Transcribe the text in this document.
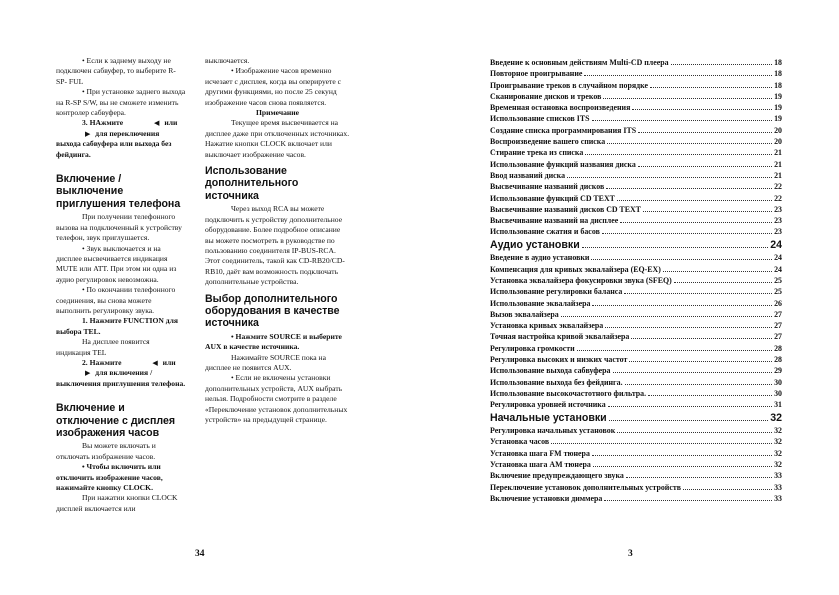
• Если к заднему выходу не подключен сабвуфер, то выберите R-SP- FUL

• При установке заднего выхода на R-SP S/W, вы не сможете изменить контролер сабвуфера.

3. НАжмите	◀ или ▶ для переключения выхода сабвуфера или выхода без фейдинга.

Включение / выключение приглушения телефона

При получении телефонного вызова на подключенный к устройству телефон, звук приглушается.

• Звук выключается и на дисплее высвечивается индикация MUTE или ATT. При этом ни одна из аудио регулировок невозможна.

• По окончании телефонного соединения, вы снова можете выполнить регулировку звука.

1. Нажмите FUNCTION для выбора TEL.

На дисплее появится индикация TEL

2. Нажмите	◀ или ▶ для включения / выключения приглушения телефона.

Включение и отключение с дисплея изображения часов

Вы можете включать и отключать изображение часов.

• Чтобы включить или отключить изображение часов, нажимайте кнопку CLOCK.

При нажатии кнопки CLOCK дисплей включается или

выключается.

• Изображение часов временно исчезает с дисплея, когда вы оперируете с другими функциями, но после 25 секунд изображение часов снова появляется.

Примечание

Текущее время высвечивается на дисплее даже при отключенных источниках. Нажатие кнопки CLOCK включает или выключает изображение часов.

Использование дополнительного источника

Через выход RCA вы можете подключить к устройству дополнительное оборудование. Более подробное описание вы можете посмотреть в руководстве по пользованию соединителя IP-BUS-RCA. Этот соединитель, такой как CD-RB20/CD-RB10, даёт вам возможность подключать дополнительные устройства.

Выбор дополнительного оборудования в качестве источника

• Нажмите SOURCE и выберите AUX в качестве источника.

Нажимайте SOURCE пока на дисплее не появится AUX.

• Если не включены установки дополнительных устройств, AUX выбрать нельзя. Подробности смотрите в разделе «Переключение установок дополнительных устройств» на предыдущей странице.

34	3
Введение к основным действиям Multi-CD плеера	18
Повторное проигрывание	18
Проигрывание треков в случайном порядке	18
Сканирование дисков и треков	19
Временная остановка воспроизведения	19
Использование списков ITS	19
Создание списка программирования ITS	20
Воспроизведение вашего списка	20
Стирание трека из списка	21
Использование функций названия диска	21
Ввод названий диска	21
Высвечивание названий дисков	22
Использование функций CD TEXT	22
Высвечивание названий дисков CD TEXT	23
Высвечивание названий на дисплее	23
Использование сжатия и басов	23
Аудио установки	24
Введение в аудио установки	24
Компенсация для кривых эквалайзера (EQ-EX)	24
Установка эквалайзера фокусировки звука (SFEQ)	25
Использование регулировки баланса	25
Использование эквалайзера	26
Вызов эквалайзера	27
Установка кривых эквалайзера	27
Точная настройка кривой эквалайзера	27
Регулировка громкости	28
Регулировка высоких и низких частот	28
Использование выхода сабвуфера	29
Использование выхода без фейдинга.	30
Использование высокочастотного фильтра.	30
Регулировка уровней источника	31
Начальные установки	32
Регулировка начальных установок	32
Установка часов	32
Установка шага FM тюнера	32
Установка шага AM тюнера	32
Включение предупреждающего звука	33
Переключение установок дополнительных устройств	33
Включение установки диммера	33
